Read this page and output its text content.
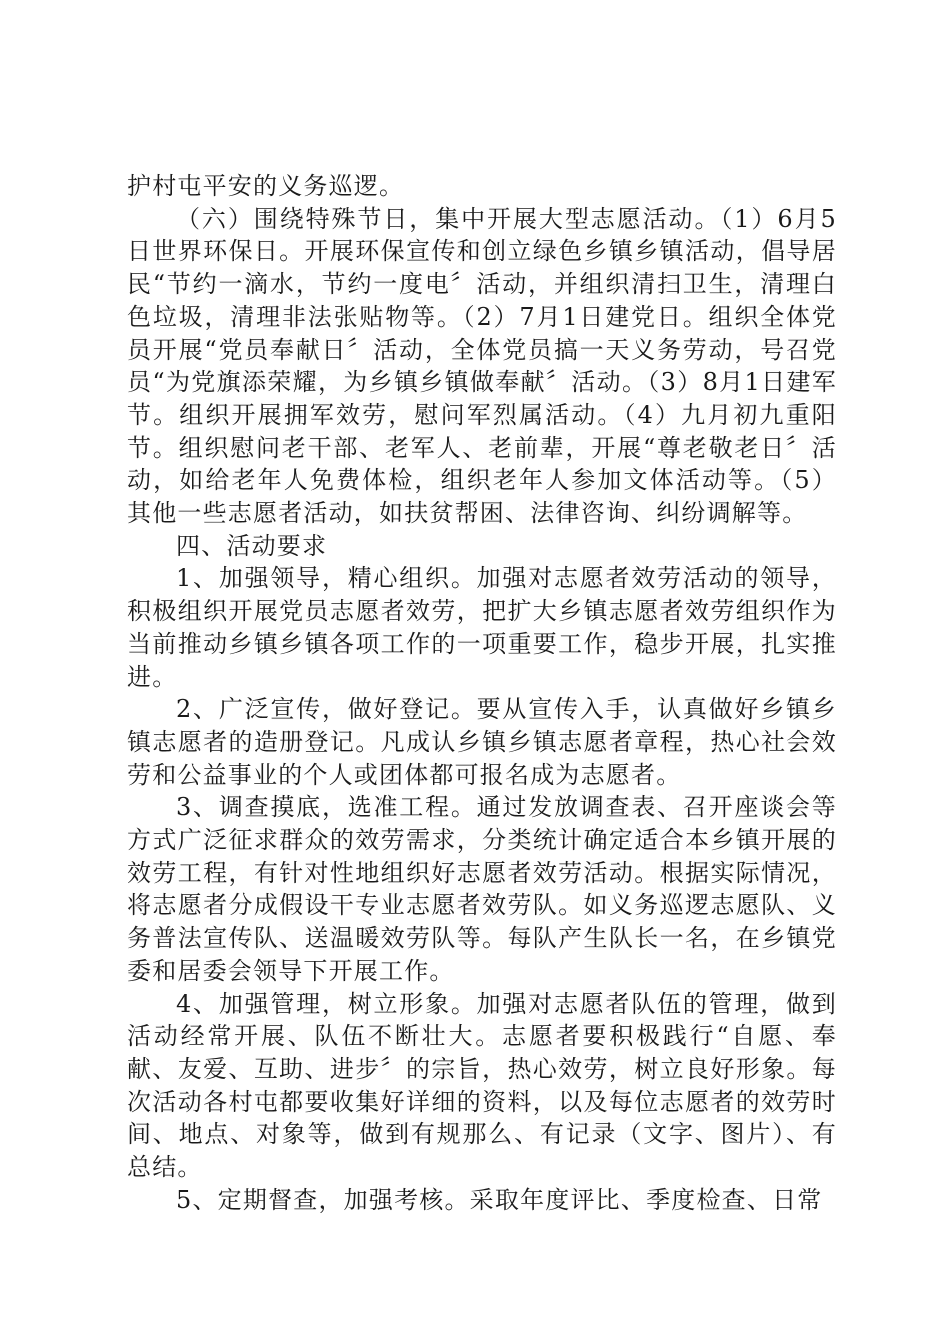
护村屯平安的义务巡逻。

（六）围绕特殊节日，集中开展大型志愿活动。（1）6月5日世界环保日。开展环保宣传和创立绿色乡镇乡镇活动，倡导居民“节约一滴水，节约一度电〞活动，并组织清扫卫生，清理白色垃圾，清理非法张贴物等。（2）7月1日建党日。组织全体党员开展“党员奉献日〞活动，全体党员搞一天义务劳动，号召党员“为党旗添荣耀，为乡镇乡镇做奉献〞活动。（3）8月1日建军节。组织开展拥军效劳，慰问军烈属活动。（4）九月初九重阳节。组织慰问老干部、老军人、老前辈，开展“尊老敬老日〞活动，如给老年人免费体检，组织老年人参加文体活动等。（5）其他一些志愿者活动，如扶贫帮困、法律咨询、纠纷调解等。

四、活动要求

1、加强领导，精心组织。加强对志愿者效劳活动的领导，积极组织开展党员志愿者效劳，把扩大乡镇志愿者效劳组织作为当前推动乡镇乡镇各项工作的一项重要工作，稳步开展，扎实推进。

2、广泛宣传，做好登记。要从宣传入手，认真做好乡镇乡镇志愿者的造册登记。凡成认乡镇乡镇志愿者章程，热心社会效劳和公益事业的个人或团体都可报名成为志愿者。

3、调查摸底，选准工程。通过发放调查表、召开座谈会等方式广泛征求群众的效劳需求，分类统计确定适合本乡镇开展的效劳工程，有针对性地组织好志愿者效劳活动。根据实际情况，将志愿者分成假设干专业志愿者效劳队。如义务巡逻志愿队、义务普法宣传队、送温暖效劳队等。每队产生队长一名，在乡镇党委和居委会领导下开展工作。

4、加强管理，树立形象。加强对志愿者队伍的管理，做到活动经常开展、队伍不断壮大。志愿者要积极践行“自愿、奉献、友爱、互助、进步〞的宗旨，热心效劳，树立良好形象。每次活动各村屯都要收集好详细的资料，以及每位志愿者的效劳时间、地点、对象等，做到有规那么、有记录（文字、图片）、有总结。

5、定期督查，加强考核。采取年度评比、季度检查、日常
